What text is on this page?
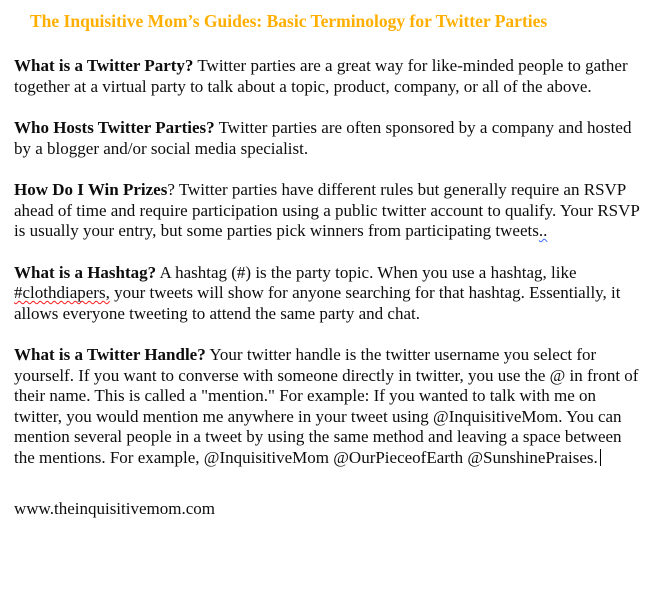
The Inquisitive Mom’s Guides: Basic Terminology for Twitter Parties

What is a Twitter Party? Twitter parties are a great way for like-minded people to gather together at a virtual party to talk about a topic, product, company, or all of the above.

Who Hosts Twitter Parties? Twitter parties are often sponsored by a company and hosted by a blogger and/or social media specialist.

How Do I Win Prizes? Twitter parties have different rules but generally require an RSVP ahead of time and require participation using a public twitter account to qualify. Your RSVP is usually your entry, but some parties pick winners from participating tweets..

What is a Hashtag? A hashtag (#) is the party topic. When you use a hashtag, like #clothdiapers, your tweets will show for anyone searching for that hashtag. Essentially, it allows everyone tweeting to attend the same party and chat.

What is a Twitter Handle? Your twitter handle is the twitter username you select for yourself. If you want to converse with someone directly in twitter, you use the @ in front of their name. This is called a "mention." For example: If you wanted to talk with me on twitter, you would mention me anywhere in your tweet using @InquisitiveMom. You can mention several people in a tweet by using the same method and leaving a space between the mentions. For example, @InquisitiveMom @OurPieceofEarth @SunshinePraises.

www.theinquisitivemom.com
